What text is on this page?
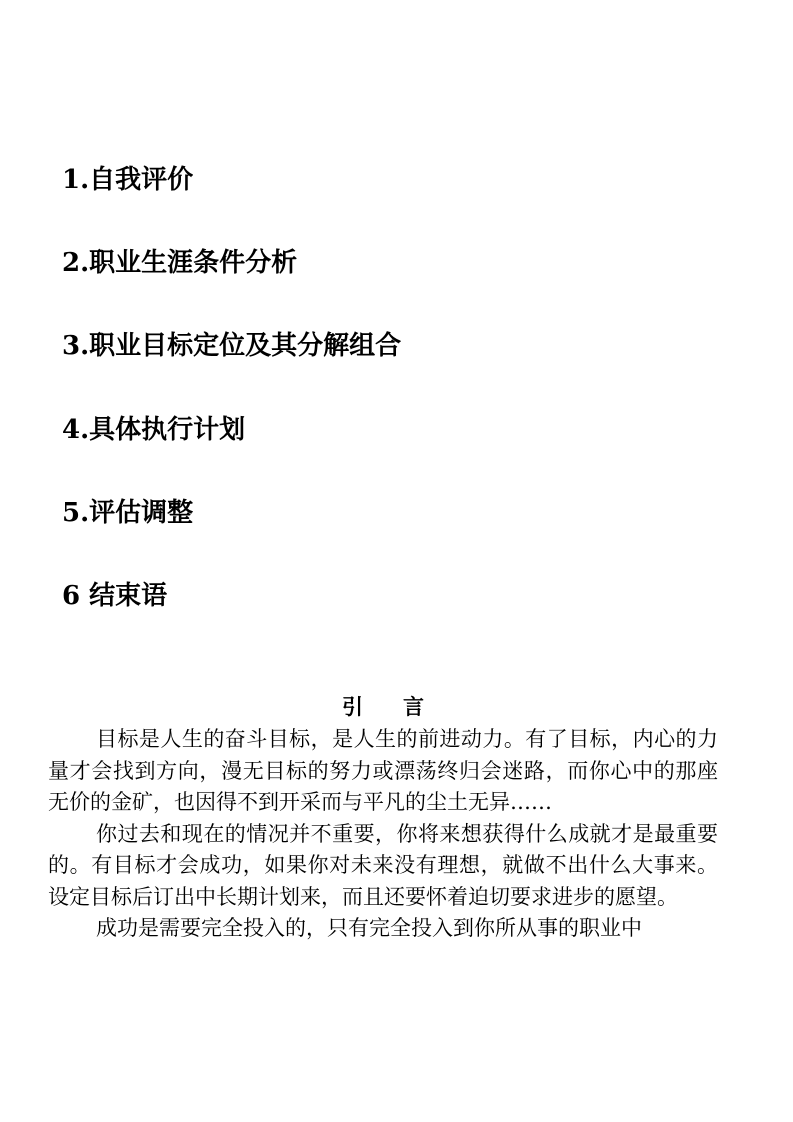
1.自我评价
2.职业生涯条件分析
3.职业目标定位及其分解组合
4.具体执行计划
5.评估调整
6 结束语
引言

目标是人生的奋斗目标，是人生的前进动力。有了目标，内心的力量才会找到方向，漫无目标的努力或漂荡终归会迷路，而你心中的那座无价的金矿，也因得不到开采而与平凡的尘土无异……

你过去和现在的情况并不重要，你将来想获得什么成就才是最重要的。有目标才会成功，如果你对未来没有理想，就做不出什么大事来。设定目标后订出中长期计划来，而且还要怀着迫切要求进步的愿望。

成功是需要完全投入的，只有完全投入到你所从事的职业中
